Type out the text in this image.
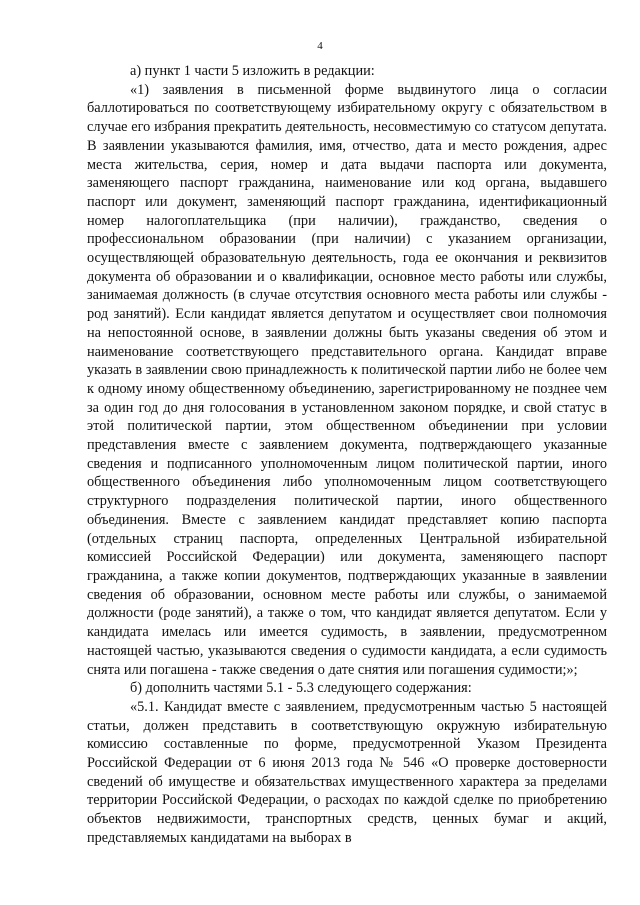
4

а) пункт 1 части 5 изложить в редакции:

«1) заявления в письменной форме выдвинутого лица о согласии баллотироваться по соответствующему избирательному округу с обязательством в случае его избрания прекратить деятельность, несовместимую со статусом депутата. В заявлении указываются фамилия, имя, отчество, дата и место рождения, адрес места жительства, серия, номер и дата выдачи паспорта или документа, заменяющего паспорт гражданина, наименование или код органа, выдавшего паспорт или документ, заменяющий паспорт гражданина, идентификационный номер налогоплательщика (при наличии), гражданство, сведения о профессиональном образовании (при наличии) с указанием организации, осуществляющей образовательную деятельность, года ее окончания и реквизитов документа об образовании и о квалификации, основное место работы или службы, занимаемая должность (в случае отсутствия основного места работы или службы - род занятий). Если кандидат является депутатом и осуществляет свои полномочия на непостоянной основе, в заявлении должны быть указаны сведения об этом и наименование соответствующего представительного органа. Кандидат вправе указать в заявлении свою принадлежность к политической партии либо не более чем к одному иному общественному объединению, зарегистрированному не позднее чем за один год до дня голосования в установленном законом порядке, и свой статус в этой политической партии, этом общественном объединении при условии представления вместе с заявлением документа, подтверждающего указанные сведения и подписанного уполномоченным лицом политической партии, иного общественного объединения либо уполномоченным лицом соответствующего структурного подразделения политической партии, иного общественного объединения. Вместе с заявлением кандидат представляет копию паспорта (отдельных страниц паспорта, определенных Центральной избирательной комиссией Российской Федерации) или документа, заменяющего паспорт гражданина, а также копии документов, подтверждающих указанные в заявлении сведения об образовании, основном месте работы или службы, о занимаемой должности (роде занятий), а также о том, что кандидат является депутатом. Если у кандидата имелась или имеется судимость, в заявлении, предусмотренном настоящей частью, указываются сведения о судимости кандидата, а если судимость снята или погашена - также сведения о дате снятия или погашения судимости;»;

б) дополнить частями 5.1 - 5.3 следующего содержания:

«5.1. Кандидат вместе с заявлением, предусмотренным частью 5 настоящей статьи, должен представить в соответствующую окружную избирательную комиссию составленные по форме, предусмотренной Указом Президента Российской Федерации от 6 июня 2013 года № 546 «О проверке достоверности сведений об имуществе и обязательствах имущественного характера за пределами территории Российской Федерации, о расходах по каждой сделке по приобретению объектов недвижимости, транспортных средств, ценных бумаг и акций, представляемых кандидатами на выборах в
